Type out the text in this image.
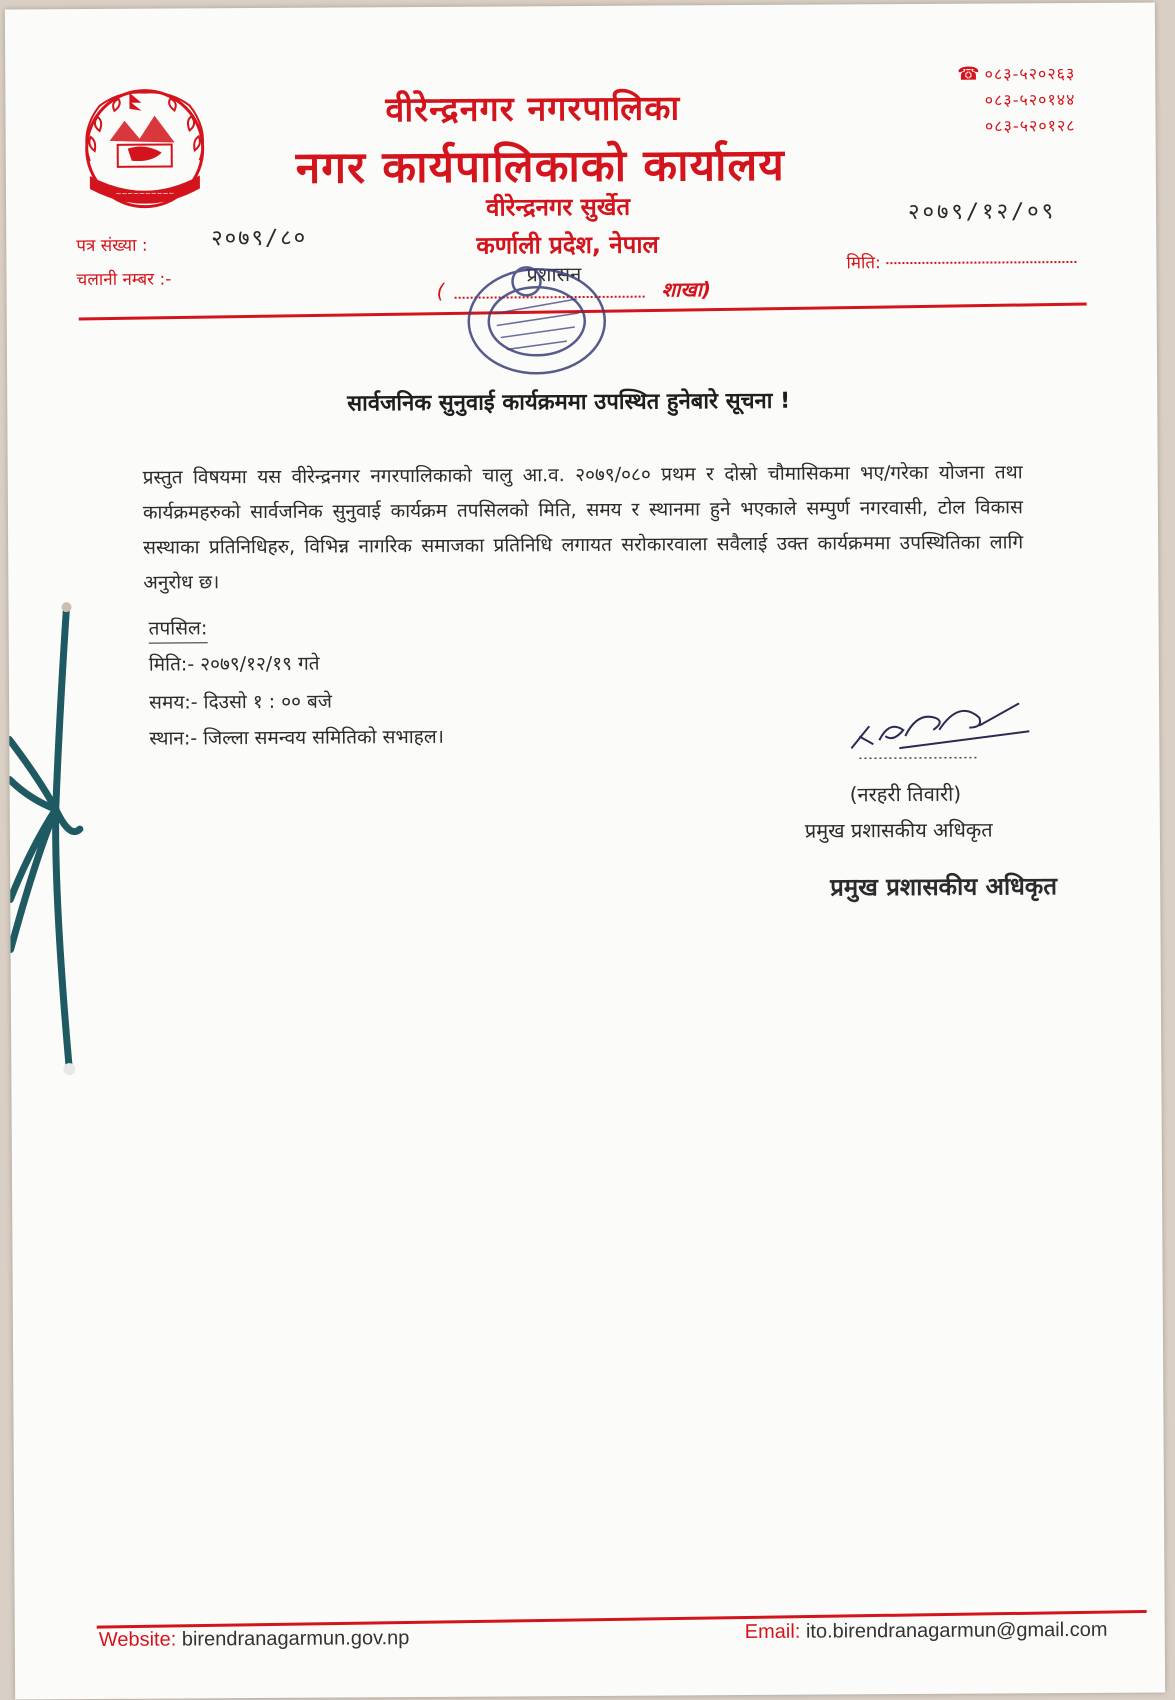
~~~~~~~~~~
वीरेन्द्रनगर नगरपालिका
नगर कार्यपालिकाको कार्यालय
वीरेन्द्रनगर सुर्खेत
कर्णाली प्रदेश, नेपाल
☎ ०८३-५२०२६३
०८३-५२०१४४
०८३-५२०१२८
पत्र संख्या :	२०७९/८०
चलानी नम्बर :-
२०७९/१२/०९
मिति:
(
प्रशासन
शाखा)
सार्वजनिक सुनुवाई कार्यक्रममा उपस्थित हुनेबारे सूचना !
प्रस्तुत विषयमा यस वीरेन्द्रनगर नगरपालिकाको चालु आ.व. २०७९/०८० प्रथम र दोस्रो चौमासिकमा भए/गरेका योजना तथा कार्यक्रमहरुको सार्वजनिक सुनुवाई कार्यक्रम तपसिलको मिति, समय र स्थानमा हुने भएकाले सम्पुर्ण नगरवासी, टोल विकास सस्थाका प्रतिनिधिहरु, विभिन्न नागरिक समाजका प्रतिनिधि लगायत सरोकारवाला सवैलाई उक्त कार्यक्रममा उपस्थितिका लागि अनुरोध छ।
तपसिल:
मिति:- २०७९/१२/१९ गते
समय:- दिउसो १ : ०० बजे
स्थान:- जिल्ला समन्वय समितिको सभाहल।
(नरहरी तिवारी)
प्रमुख प्रशासकीय अधिकृत
प्रमुख प्रशासकीय अधिकृत
Website: birendranagarmun.gov.np	Email: ito.birendranagarmun@gmail.com
